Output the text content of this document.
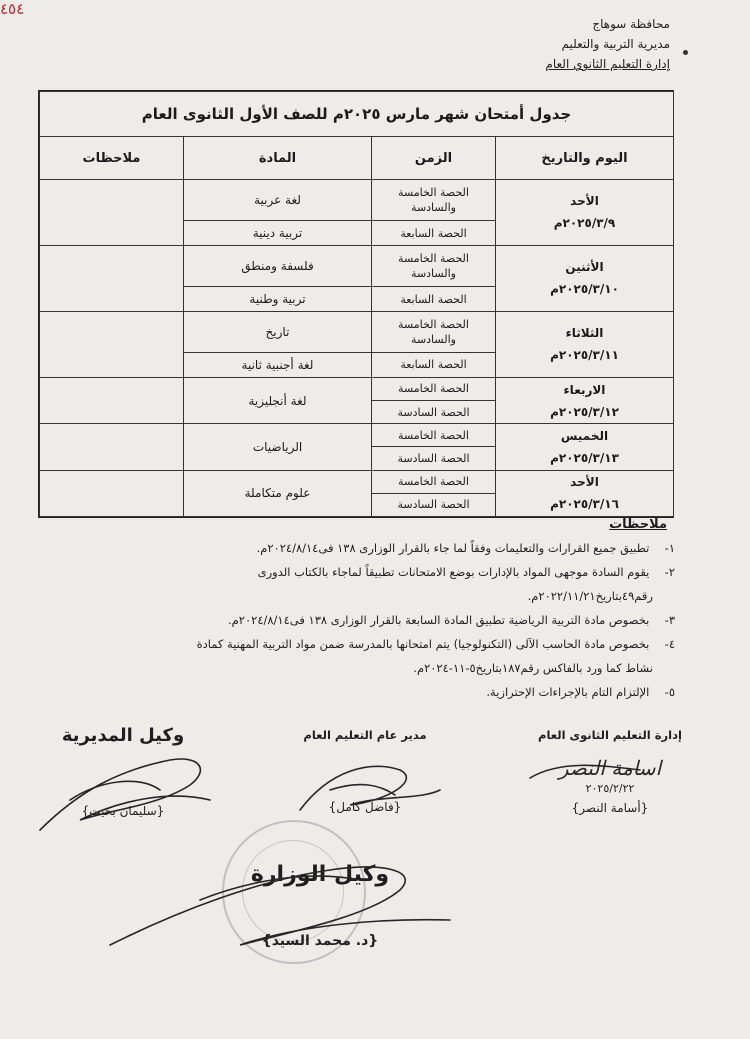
٤٥٤
محافظة سوهاج
مديرية التربية والتعليم
إدارة التعليم الثانوي العام
جدول أمتحان شهر مارس ٢٠٢٥م للصف الأول الثانوى العام			
اليوم والتاريخ	الزمن	المادة	ملاحظات

الأحد
٢٠٢٥/٣/٩م	الحصة الخامسة والسادسة	لغة عربية	
	الحصة السابعة	تربية دينية	

الأثنين
٢٠٢٥/٣/١٠م	الحصة الخامسة والسادسة	فلسفة ومنطق	
	الحصة السابعة	تربية وطنية	

الثلاثاء
٢٠٢٥/٣/١١م	الحصة الخامسة والسادسة	تاريخ	
	الحصة السابعة	لغة أجنبية ثانية	

الاربعاء
٢٠٢٥/٣/١٢م	الحصة الخامسة	لغة أنجليزية	
	الحصة السادسة		

الخميس
٢٠٢٥/٣/١٣م	الحصة الخامسة	الرياضيات	
	الحصة السادسة		

الأحد
٢٠٢٥/٣/١٦م	الحصة الخامسة	علوم متكاملة	
	الحصة السادسة		
ملاحظات
١- تطبيق جميع القرارات والتعليمات وفقاً لما جاء بالقرار الوزارى ١٣٨ فى٢٠٢٤/٨/١٤م.
٢- يقوم السادة موجهى المواد بالإدارات بوضع الامتحانات تطبيقاً لماجاء بالكتاب الدورى
رقم٤٩بتاريخ٢٠٢٢/١١/٢١م.
٣- بخصوص مادة التربية الرياضية تطبيق المادة السابعة بالقرار الوزارى ١٣٨ فى٢٠٢٤/٨/١٤م.
٤- بخصوص مادة الحاسب الآلى (التكنولوجيا) يتم امتحانها بالمدرسة ضمن مواد التربية المهنية كمادة
نشاط كما ورد بالفاكس رقم١٨٧بتاريخ٥-١١-٢٠٢٤م.
٥- الإلتزام التام بالإجراءات الإحترازية.
إدارة التعليم الثانوى العام
اسامة النصر
٢٠٢٥/٢/٢٢
{أسامة النصر}
مدير عام التعليم العام
{فاضل كامل}
وكيل المديرية
{سليمان بخيت}
وكيل الوزارة
{د. محمد السيد}
